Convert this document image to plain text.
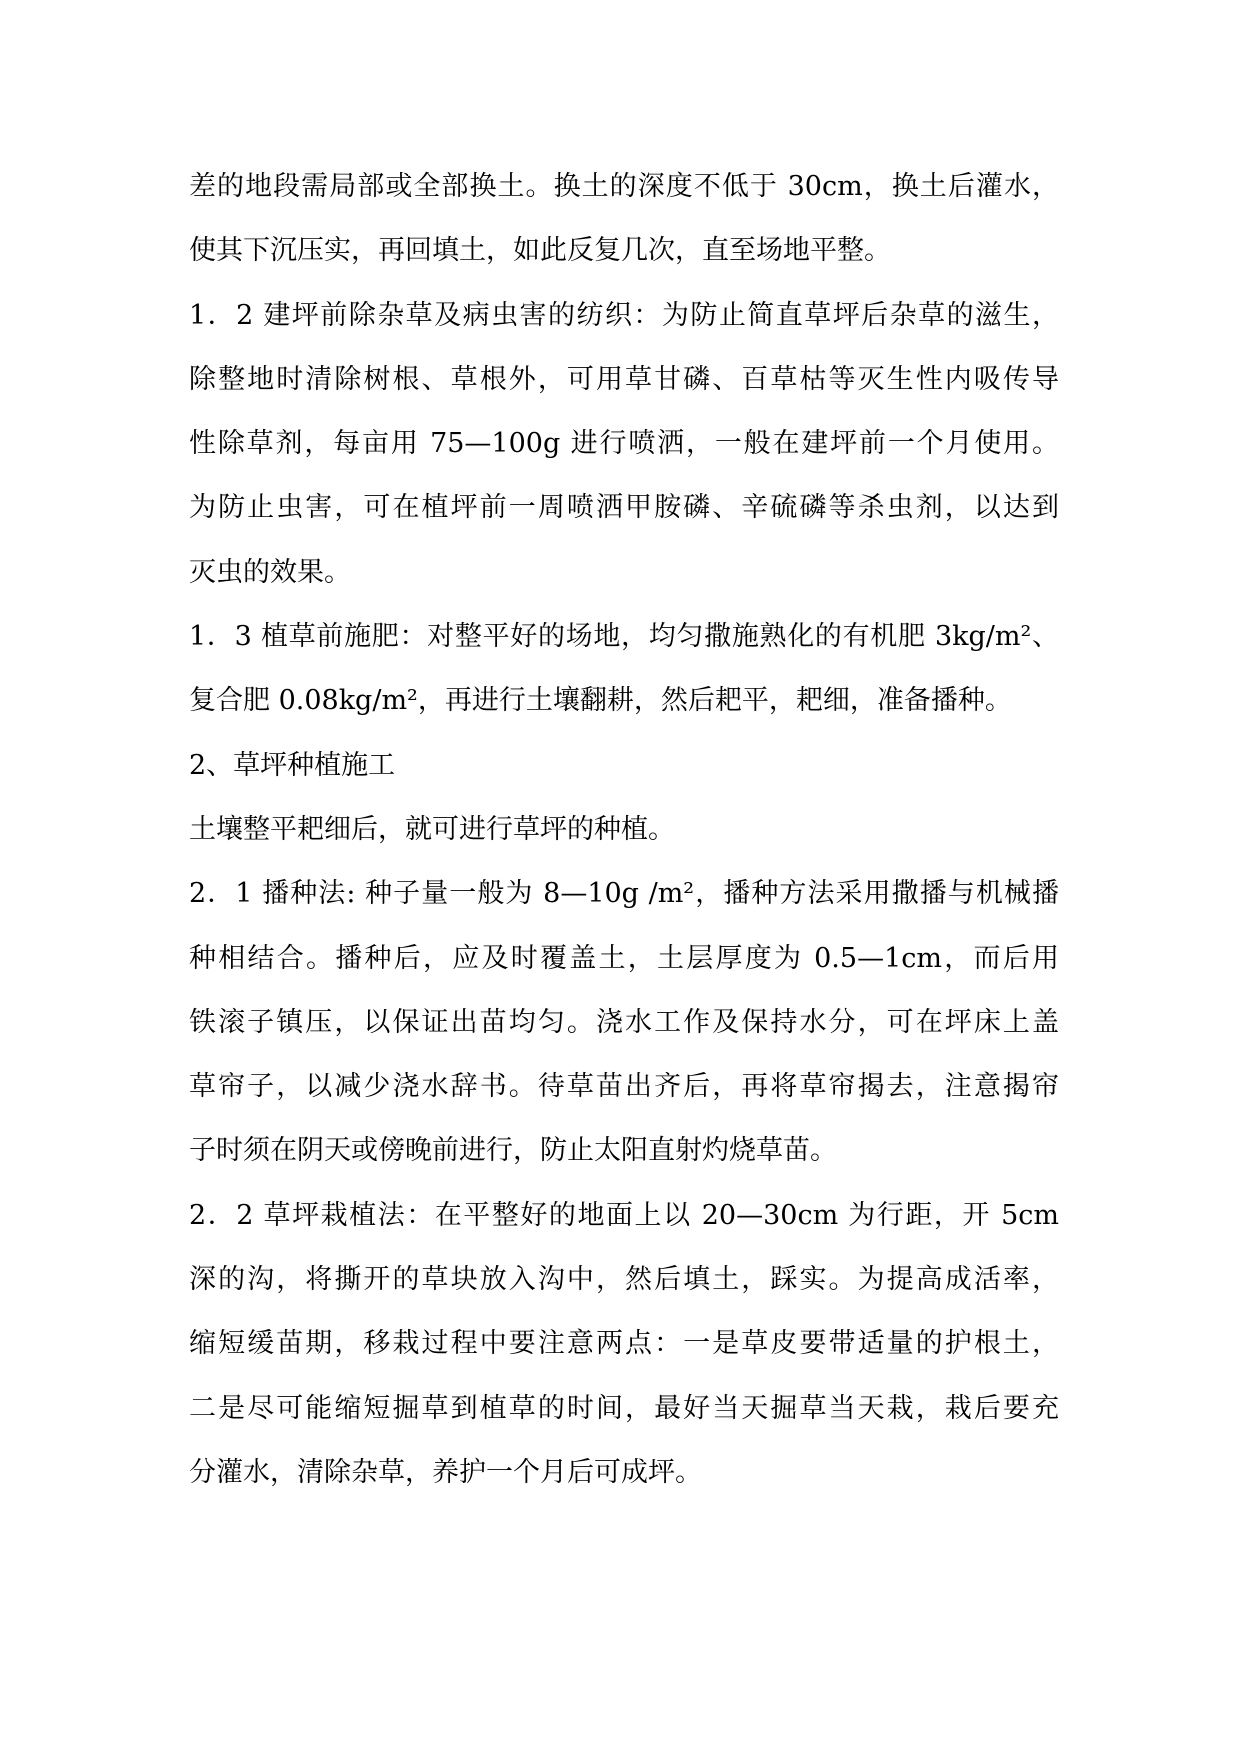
差的地段需局部或全部换土。换土的深度不低于 30cm，换土后灌水，
使其下沉压实，再回填土，如此反复几次，直至场地平整。
1．2 建坪前除杂草及病虫害的纺织：为防止简直草坪后杂草的滋生，
除整地时清除树根、草根外，可用草甘磷、百草枯等灭生性内吸传导
性除草剂，每亩用 75—100g 进行喷洒，一般在建坪前一个月使用。
为防止虫害，可在植坪前一周喷洒甲胺磷、辛硫磷等杀虫剂，以达到
灭虫的效果。
1．3 植草前施肥：对整平好的场地，均匀撒施熟化的有机肥 3kg/m²、
复合肥 0.08kg/m²，再进行土壤翻耕，然后耙平，耙细，准备播种。
2、草坪种植施工
土壤整平耙细后，就可进行草坪的种植。
2．1 播种法: 种子量一般为 8—10g /m²，播种方法采用撒播与机械播
种相结合。播种后，应及时覆盖土，土层厚度为 0.5—1cm，而后用
铁滚子镇压，以保证出苗均匀。浇水工作及保持水分，可在坪床上盖
草帘子，以减少浇水辞书。待草苗出齐后，再将草帘揭去，注意揭帘
子时须在阴天或傍晚前进行，防止太阳直射灼烧草苗。
2．2 草坪栽植法：在平整好的地面上以 20—30cm 为行距，开 5cm
深的沟，将撕开的草块放入沟中，然后填土，踩实。为提高成活率，
缩短缓苗期，移栽过程中要注意两点：一是草皮要带适量的护根土，
二是尽可能缩短掘草到植草的时间，最好当天掘草当天栽，栽后要充
分灌水，清除杂草，养护一个月后可成坪。
